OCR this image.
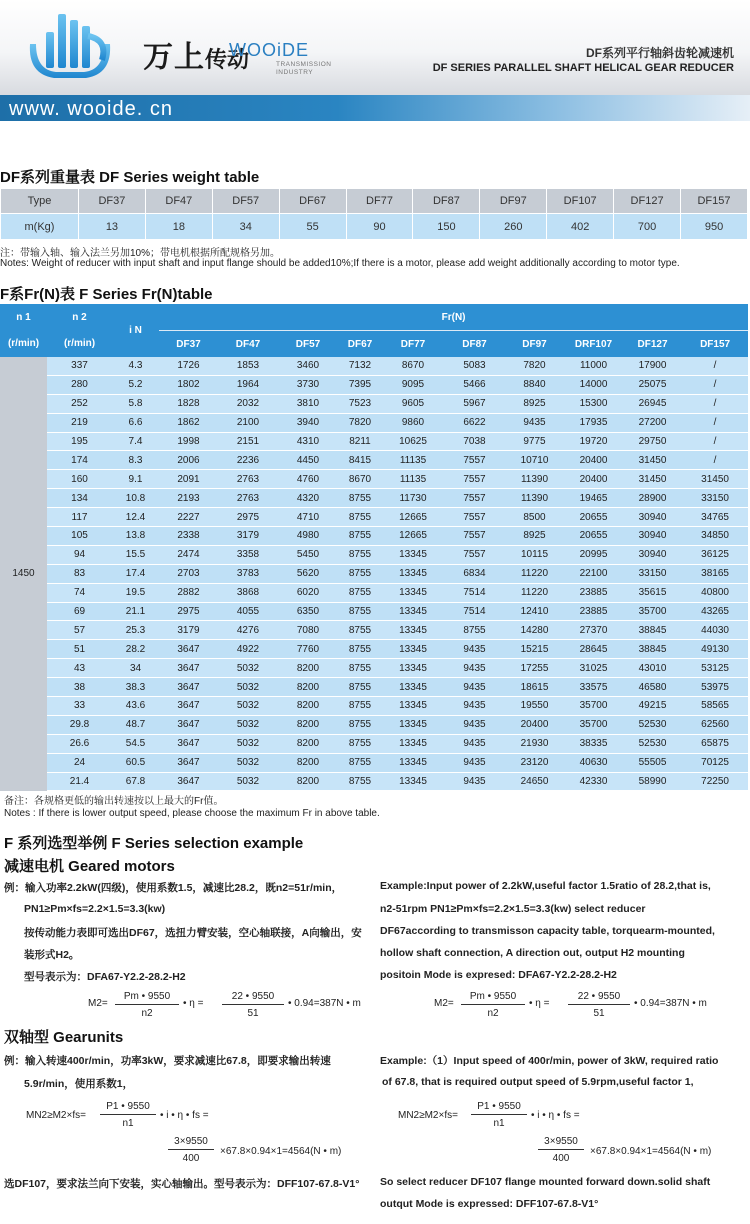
万上传动
WOOiDE
TRANSMISSION
INDUSTRY
DF系列平行轴斜齿轮减速机
DF SERIES PARALLEL SHAFT HELICAL GEAR REDUCER
www. wooide. cn
DF系列重量表 DF Series weight table
Type	DF37	DF47	DF57	DF67	DF77	DF87	DF97	DF107	DF127	DF157
m(Kg)	13	18	34	55	90	150	260	402	700	950
注：带输入轴、输入法兰另加10%；带电机根据所配规格另加。
Notes: Weight of reducer with input shaft and input flange should be added10%;If there is a motor, please add weight additionally according to motor type.
F系Fr(N)表 F Series Fr(N)table
n 1	n 2	i N	Fr(N)									
(r/min)	(r/min)		DF37	DF47	DF57	DF67	DF77	DF87	DF97	DRF107	DF127	DF157
1450	337	4.3	1726	1853	3460	7132	8670	5083	7820	11000	17900	/
	280	5.2	1802	1964	3730	7395	9095	5466	8840	14000	25075	/
	252	5.8	1828	2032	3810	7523	9605	5967	8925	15300	26945	/
	219	6.6	1862	2100	3940	7820	9860	6622	9435	17935	27200	/
	195	7.4	1998	2151	4310	8211	10625	7038	9775	19720	29750	/
	174	8.3	2006	2236	4450	8415	11135	7557	10710	20400	31450	/
	160	9.1	2091	2763	4760	8670	11135	7557	11390	20400	31450	31450
	134	10.8	2193	2763	4320	8755	11730	7557	11390	19465	28900	33150
	117	12.4	2227	2975	4710	8755	12665	7557	8500	20655	30940	34765
	105	13.8	2338	3179	4980	8755	12665	7557	8925	20655	30940	34850
	94	15.5	2474	3358	5450	8755	13345	7557	10115	20995	30940	36125
	83	17.4	2703	3783	5620	8755	13345	6834	11220	22100	33150	38165
	74	19.5	2882	3868	6020	8755	13345	7514	11220	23885	35615	40800
	69	21.1	2975	4055	6350	8755	13345	7514	12410	23885	35700	43265
	57	25.3	3179	4276	7080	8755	13345	8755	14280	27370	38845	44030
	51	28.2	3647	4922	7760	8755	13345	9435	15215	28645	38845	49130
	43	34	3647	5032	8200	8755	13345	9435	17255	31025	43010	53125
	38	38.3	3647	5032	8200	8755	13345	9435	18615	33575	46580	53975
	33	43.6	3647	5032	8200	8755	13345	9435	19550	35700	49215	58565
	29.8	48.7	3647	5032	8200	8755	13345	9435	20400	35700	52530	62560
	26.6	54.5	3647	5032	8200	8755	13345	9435	21930	38335	52530	65875
	24	60.5	3647	5032	8200	8755	13345	9435	23120	40630	55505	70125
	21.4	67.8	3647	5032	8200	8755	13345	9435	24650	42330	58990	72250
备注：各规格更低的输出转速按以上最大的Fr值。
Notes : If there is lower output speed, please choose the maximum Fr in above table.
F 系列选型举例 F Series selection example
减速电机 Geared motors
例：输入功率2.2kW(四级)，使用系数1.5，减速比28.2，既n2=51r/min，
PN1≥Pm×fs=2.2×1.5=3.3(kw)
按传动能力表即可选出DF67，选扭力臂安装，空心轴联接，A向输出，安
装形式H2。
型号表示为：DFA67-Y2.2-28.2-H2
Example:Input power of 2.2kW,useful factor 1.5ratio of 28.2,that is,
n2-51rpm PN1≥Pm×fs=2.2×1.5=3.3(kw) select reducer
DF67according to transmisson capacity table, torquearm-mounted,
hollow shaft connection, A direction out, output H2 mounting
positoin Mode is expresed: DFA67-Y2.2-28.2-H2
$M2= \frac{Pm • 9550}{n2}$ • $\eta = \frac{22 • 9550}{51}$ • 0.94=387N • m	$M2= \frac{Pm • 9550}{n2}$ • $\eta = \frac{22 • 9550}{51}$ • 0.94=387N • m
双轴型 Gearunits
例：输入转速400r/min，功率3kW，要求减速比67.8，即要求输出转速
5.9r/min，使用系数1，
Example:（1）Input speed of 400r/min, power of 3kW, required ratio
of 67.8, that is required output speed of 5.9rpm,useful factor 1,
$MN2\ge M2\times fs= \frac{P1 • 9550}{n1}$ • i • η • fs =
$\frac{3\times 9550}{400} \times 67.8\times 0.94\times 1=4564(N$ • m)
$MN2\ge M2\times fs= \frac{P1 • 9550}{n1}$ • i • η • fs =
$\frac{3\times 9550}{400} \times 67.8\times 0.94\times 1=4564(N$ • m)
选DF107，要求法兰向下安装，实心轴输出。型号表示为：DFF107-67.8-V1° So select reducer DF107 flange mounted forward down.solid shaft
outqut Mode is expressed: DFF107-67.8-V1°
